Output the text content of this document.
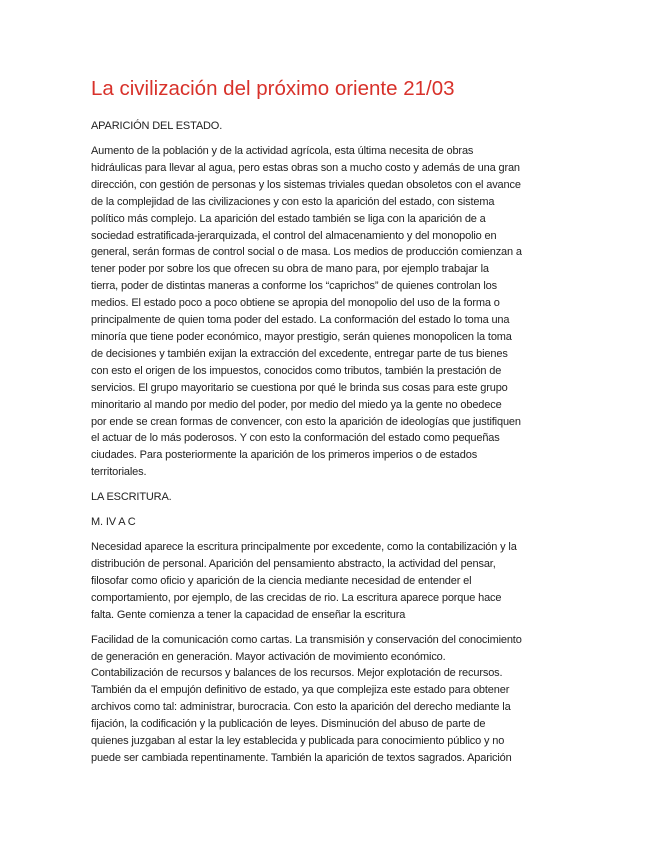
La civilización del próximo oriente 21/03
APARICIÓN DEL ESTADO.
Aumento de la población y de la actividad agrícola, esta última necesita de obras
hidráulicas para llevar al agua, pero estas obras son a mucho costo y además de una gran
dirección, con gestión de personas y los sistemas triviales quedan obsoletos con el avance
de la complejidad de las civilizaciones y con esto la aparición del estado, con sistema
político más complejo. La aparición del estado también se liga con la aparición de a
sociedad estratificada-jerarquizada, el control del almacenamiento y del monopolio en
general, serán formas de control social o de masa. Los medios de producción comienzan a
tener poder por sobre los que ofrecen su obra de mano para, por ejemplo trabajar la
tierra, poder de distintas maneras a conforme los “caprichos” de quienes controlan los
medios. El estado poco a poco obtiene se apropia del monopolio del uso de la forma o
principalmente de quien toma poder del estado. La conformación del estado lo toma una
minoría que tiene poder económico, mayor prestigio, serán quienes monopolicen la toma
de decisiones y también exijan la extracción del excedente, entregar parte de tus bienes
con esto el origen de los impuestos, conocidos como tributos, también la prestación de
servicios. El grupo mayoritario se cuestiona por qué le brinda sus cosas para este grupo
minoritario al mando por medio del poder, por medio del miedo ya la gente no obedece
por ende se crean formas de convencer, con esto la aparición de ideologías que justifiquen
el actuar de lo más poderosos. Y con esto la conformación del estado como pequeñas
ciudades. Para posteriormente la aparición de los primeros imperios o de estados
territoriales.
LA ESCRITURA.
M. IV A C
Necesidad aparece la escritura principalmente por excedente, como la contabilización y la
distribución de personal. Aparición del pensamiento abstracto, la actividad del pensar,
filosofar como oficio y aparición de la ciencia mediante necesidad de entender el
comportamiento, por ejemplo, de las crecidas de rio. La escritura aparece porque hace
falta. Gente comienza a tener la capacidad de enseñar la escritura
Facilidad de la comunicación como cartas. La transmisión y conservación del conocimiento
de generación en generación. Mayor activación de movimiento económico.
Contabilización de recursos y balances de los recursos. Mejor explotación de recursos.
También da el empujón definitivo de estado, ya que complejiza este estado para obtener
archivos como tal: administrar, burocracia. Con esto la aparición del derecho mediante la
fijación, la codificación y la publicación de leyes. Disminución del abuso de parte de
quienes juzgaban al estar la ley establecida y publicada para conocimiento público y no
puede ser cambiada repentinamente. También la aparición de textos sagrados. Aparición
